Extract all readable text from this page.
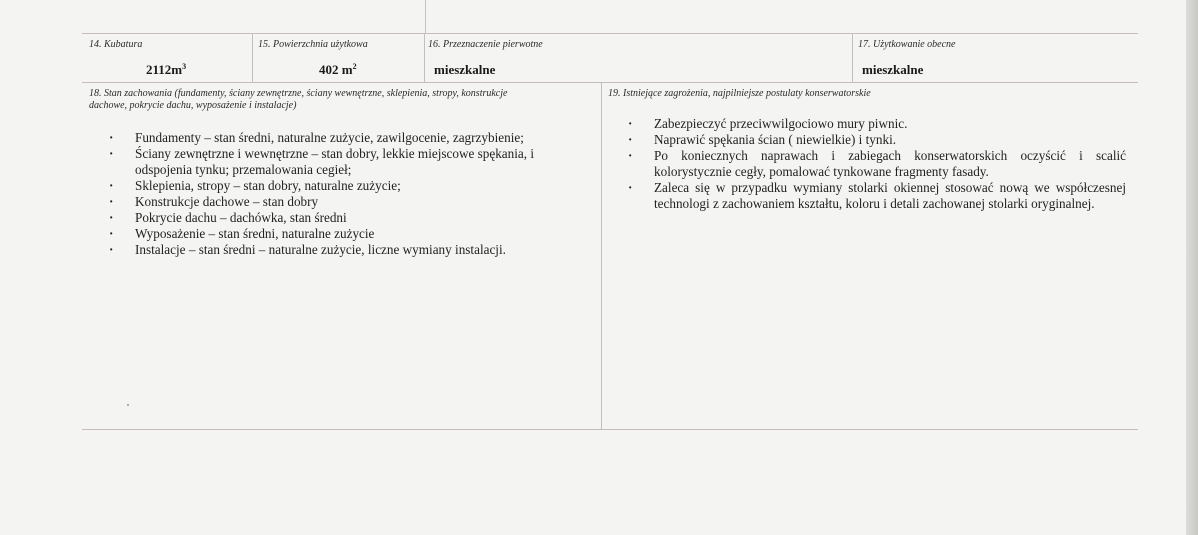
14. Kubatura
$2112m^3$
15. Powierzchnia użytkowa
402 $m^2$
16. Przeznaczenie pierwotne
mieszkalne
17. Użytkowanie obecne
mieszkalne
18. Stan zachowania (fundamenty, ściany zewnętrzne, ściany wewnętrzne, sklepienia, stropy, konstrukcje
dachowe, pokrycie dachu, wyposażenie i instalacje)
· Fundamenty – stan średni, naturalne zużycie, zawilgocenie, zagrzybienie;
· Ściany zewnętrzne i wewnętrzne – stan dobry, lekkie miejscowe spękania, i odspojenia tynku; przemalowania cegieł;
· Sklepienia, stropy – stan dobry, naturalne zużycie;
· Konstrukcje dachowe – stan dobry
· Pokrycie dachu – dachówka, stan średni
· Wyposażenie – stan średni, naturalne zużycie
· Instalacje – stan średni – naturalne zużycie, liczne wymiany instalacji.
19. Istniejące zagrożenia, najpilniejsze postulaty konserwatorskie
· Zabezpieczyć przeciwwilgociowo mury piwnic.
· Naprawić spękania ścian ( niewielkie) i tynki.
· Po koniecznych naprawach i zabiegach konserwatorskich oczyścić i scalić kolorystycznie cegły, pomalować tynkowane fragmenty fasady.
· Zaleca się w przypadku wymiany stolarki okiennej stosować nową we współczesnej technologi z zachowaniem kształtu, koloru i detali zachowanej stolarki oryginalnej.
